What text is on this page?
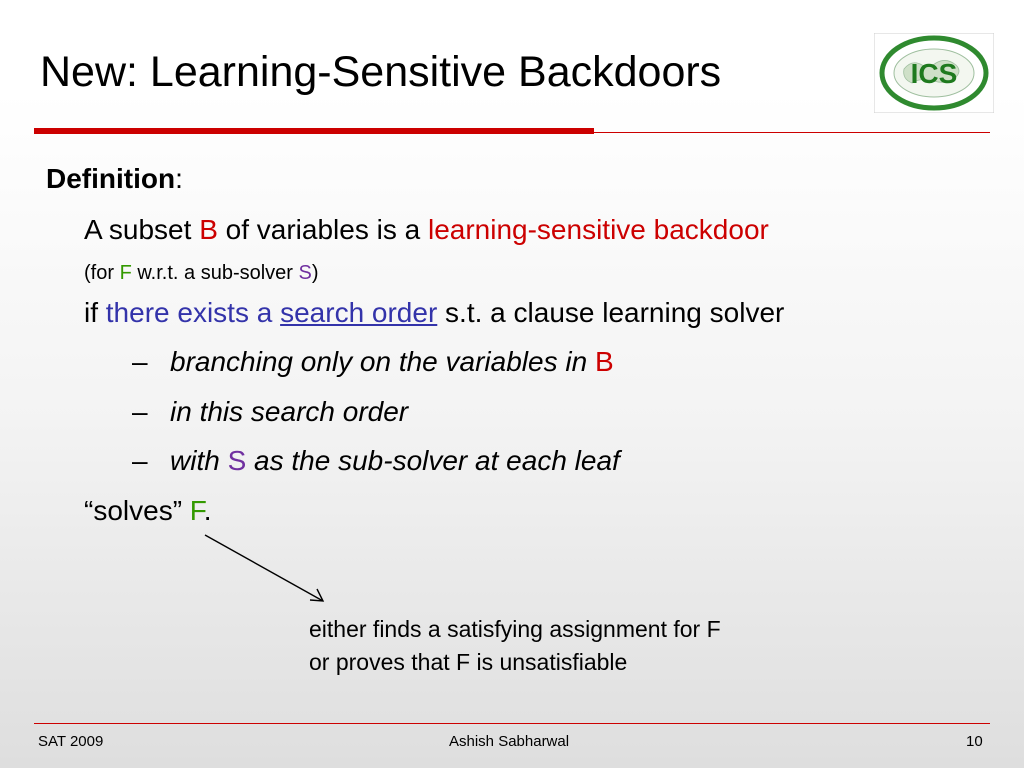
New: Learning-Sensitive Backdoors	ICS
Definition:
A subset B of variables is a learning-sensitive backdoor
(for F w.r.t. a sub-solver S)
if there exists a search order s.t. a clause learning solver
– branching only on the variables in B
– in this search order
– with S as the sub-solver at each leaf
“solves” F.
either finds a satisfying assignment for F
or proves that F is unsatisfiable
SAT 2009	Ashish Sabharwal	10
